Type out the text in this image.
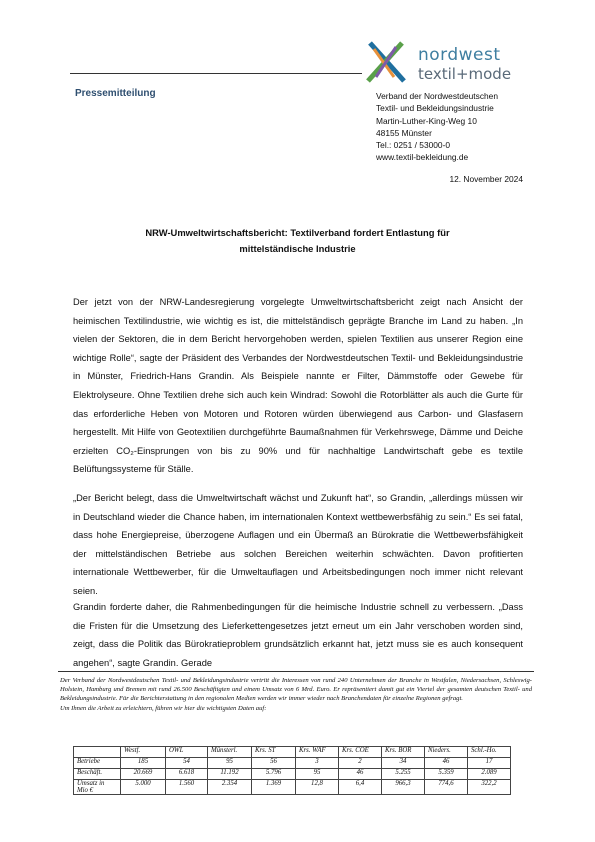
nordwest
textil+mode
Pressemitteilung	Verband der Nordwestdeutschen
Textil- und Bekleidungsindustrie
Martin-Luther-King-Weg 10
48155 Münster
Tel.: 0251 / 53000-0
www.textil-bekleidung.de
12. November 2024
NRW-Umweltwirtschaftsbericht: Textilverband fordert Entlastung für
mittelständische Industrie

Der jetzt von der NRW-Landesregierung vorgelegte Umweltwirtschaftsbericht zeigt nach Ansicht der heimischen Textilindustrie, wie wichtig es ist, die mittelständisch geprägte Branche im Land zu haben. „In vielen der Sektoren, die in dem Bericht hervorgehoben werden, spielen Textilien aus unserer Region eine wichtige Rolle“, sagte der Präsident des Verbandes der Nordwestdeutschen Textil- und Bekleidungsindustrie in Münster, Friedrich-Hans Grandin. Als Beispiele nannte er Filter, Dämmstoffe oder Gewebe für Elektrolyseure. Ohne Textilien drehe sich auch kein Windrad: Sowohl die Rotorblätter als auch die Gurte für das erforderliche Heben von Motoren und Rotoren würden überwiegend aus Carbon- und Glasfasern hergestellt. Mit Hilfe von Geotextilien durchgeführte Baumaßnahmen für Verkehrswege, Dämme und Deiche erzielten CO₂-Einsprungen von bis zu 90% und für nachhaltige Landwirtschaft gebe es textile Belüftungssysteme für Ställe.

„Der Bericht belegt, dass die Umweltwirtschaft wächst und Zukunft hat“, so Grandin, „allerdings müssen wir in Deutschland wieder die Chance haben, im internationalen Kontext wettbewerbsfähig zu sein.“ Es sei fatal, dass hohe Energiepreise, überzogene Auflagen und ein Übermaß an Bürokratie die Wettbewerbsfähigkeit der mittelständischen Betriebe aus solchen Bereichen weiterhin schwächten. Davon profitierten internationale Wettbewerber, für die Umweltauflagen und Arbeitsbedingungen noch immer nicht relevant seien.

Grandin forderte daher, die Rahmenbedingungen für die heimische Industrie schnell zu verbessern. „Dass die Fristen für die Umsetzung des Lieferkettengesetzes jetzt erneut um ein Jahr verschoben worden sind, zeigt, dass die Politik das Bürokratieproblem grundsätzlich erkannt hat, jetzt muss sie es auch konsequent angehen“, sagte Grandin. Gerade

Der Verband der Nordwestdeutschen Textil- und Bekleidungsindustrie vertritt die Interessen von rund 240 Unternehmen der Branche in Westfalen, Niedersachsen, Schleswig-Holstein, Hamburg und Bremen mit rund 26.500 Beschäftigten und einem Umsatz von 6 Mrd. Euro. Er repräsentiert damit gut ein Viertel der gesamten deutschen Textil- und Bekleidungsindustrie. Für die Berichterstattung in den regionalen Medien werden wir immer wieder nach Branchendaten für einzelne Regionen gefragt.
Um Ihnen die Arbeit zu erleichtern, führen wir hier die wichtigsten Daten auf:
	Westf.	OWL	Münsterl.	Krs. ST	Krs. WAF	Krs. COE	Krs. BOR	Nieders.	Schl.-Ho.
Betriebe	185	54	95	56	3	2	34	46	17
Beschäft.	20.669	6.618	11.192	5.796	95	46	5.255	5.359	2.089
Umsatz in Mio €	5.000	1.560	2.354	1.369	12,8	6,4	966,3	774,6	322,2
